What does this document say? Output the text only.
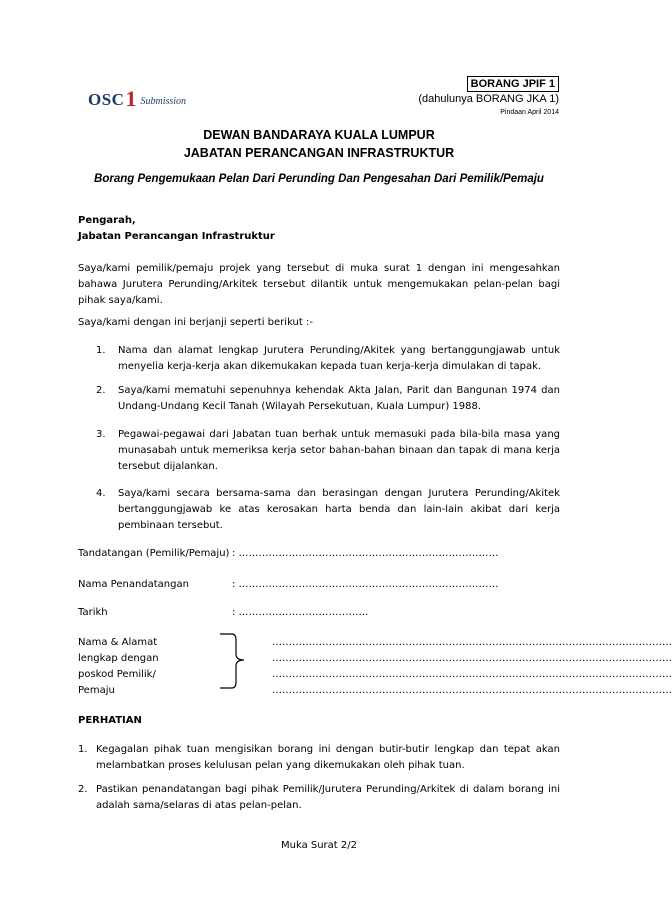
OSC 1 Submission
BORANG JPIF 1
(dahulunya BORANG JKA 1)
Pindaan April 2014
DEWAN BANDARAYA KUALA LUMPUR
JABATAN PERANCANGAN INFRASTRUKTUR
Borang Pengemukaan Pelan Dari Perunding Dan Pengesahan Dari Pemilik/Pemaju
Pengarah,
Jabatan Perancangan Infrastruktur
Saya/kami pemilik/pemaju projek yang tersebut di muka surat 1 dengan ini mengesahkan bahawa Jurutera Perunding/Arkitek tersebut dilantik untuk mengemukakan pelan-pelan bagi pihak saya/kami.
Saya/kami dengan ini berjanji seperti berikut :-
1. Nama dan alamat lengkap Jurutera Perunding/Akitek yang bertanggungjawab untuk menyelia kerja-kerja akan dikemukakan kepada tuan kerja-kerja dimulakan di tapak.
2. Saya/kami mematuhi sepenuhnya kehendak Akta Jalan, Parit dan Bangunan 1974 dan Undang-Undang Kecil Tanah (Wilayah Persekutuan, Kuala Lumpur) 1988.
3. Pegawai-pegawai dari Jabatan tuan berhak untuk memasuki pada bila-bila masa yang munasabah untuk memeriksa kerja setor bahan-bahan binaan dan tapak di mana kerja tersebut dijalankan.
4. Saya/kami secara bersama-sama dan berasingan dengan Jurutera Perunding/Akitek bertanggungjawab ke atas kerosakan harta benda dan lain-lain akibat dari kerja pembinaan tersebut.
Tandatangan (Pemilik/Pemaju) : ……………………………………………………………………
Nama Penandatangan	: ……………………………………………………………………
Tarikh	: …………………………………
Nama & Alamat
lengkap dengan
poskod Pemilik/
Pemaju
…………………………………………………………………………………………………………
…………………………………………………………………………………………………………
…………………………………………………………………………………………………………
…………………………………………………………………………………………………………
PERHATIAN
1. Kegagalan pihak tuan mengisikan borang ini dengan butir-butir lengkap dan tepat akan melambatkan proses kelulusan pelan yang dikemukakan oleh pihak tuan.
2. Pastikan penandatangan bagi pihak Pemilik/Jurutera Perunding/Arkitek di dalam borang ini adalah sama/selaras di atas pelan-pelan.
Muka Surat 2/2
